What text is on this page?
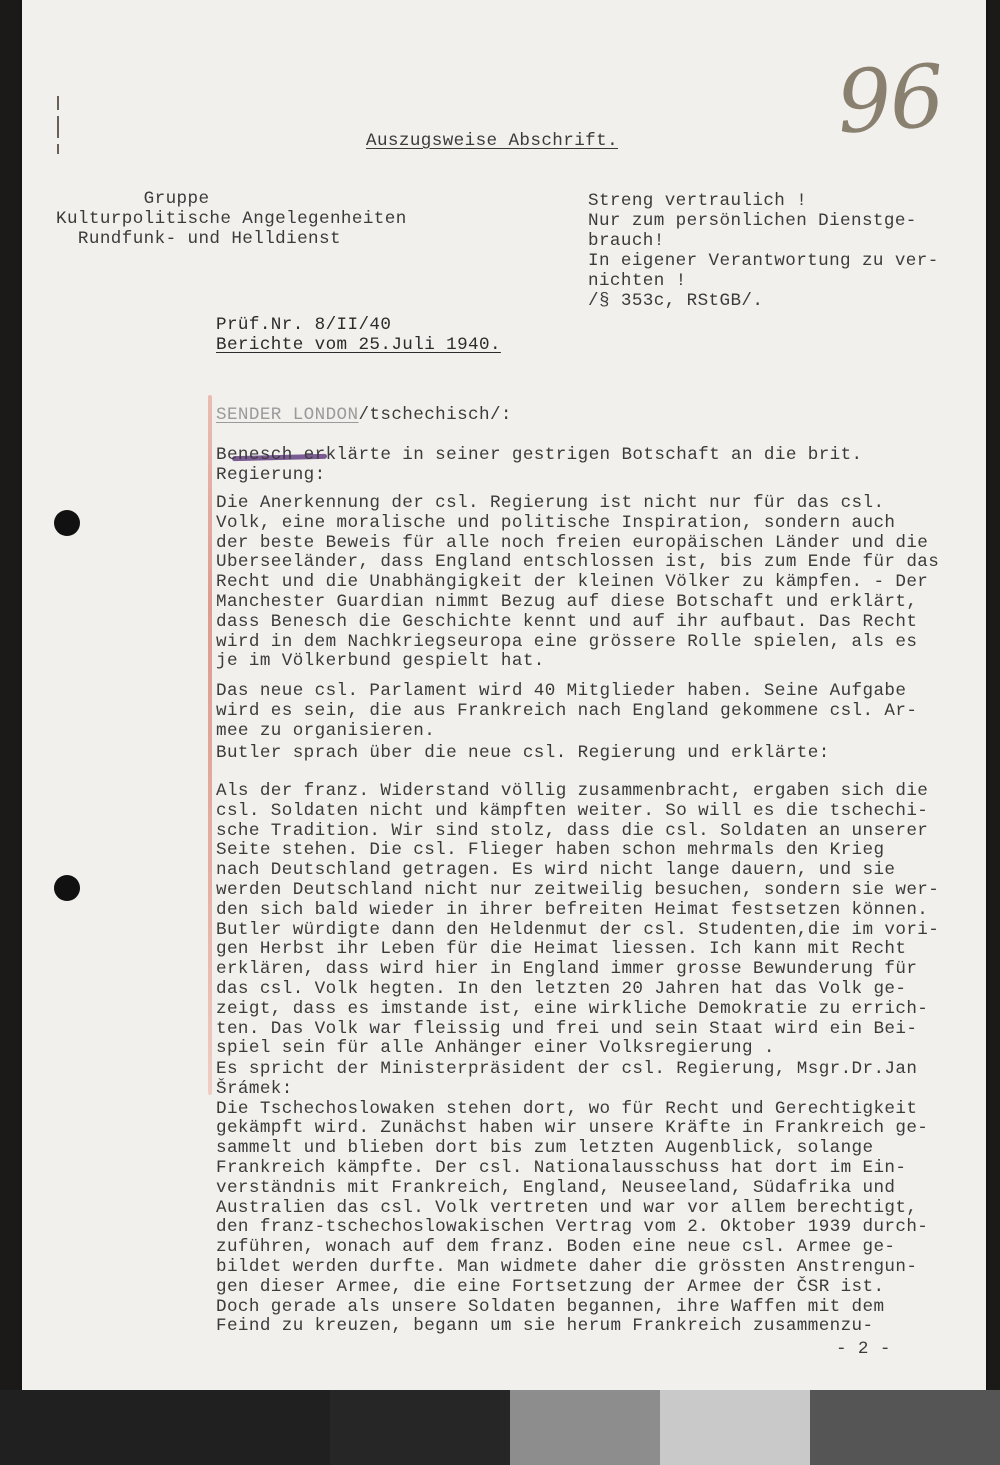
96
Auszugsweise Abschrift.
Gruppe
Kulturpolitische Angelegenheiten
Rundfunk- und Helldienst
Streng vertraulich !
Nur zum persönlichen Dienstge-
brauch!
In eigener Verantwortung zu ver-
nichten !
/§ 353c, RStGB/.
Prüf.Nr. 8/II/40
Berichte vom 25.Juli 1940.
SENDER LONDON/tschechisch/:
Benesch erklärte in seiner gestrigen Botschaft an die brit.
Regierung:
Die Anerkennung der csl. Regierung ist nicht nur für das csl.
Volk, eine moralische und politische Inspiration, sondern auch
der beste Beweis für alle noch freien europäischen Länder und die
Uberseeländer, dass England entschlossen ist, bis zum Ende für das
Recht und die Unabhängigkeit der kleinen Völker zu kämpfen. - Der
Manchester Guardian nimmt Bezug auf diese Botschaft und erklärt,
dass Benesch die Geschichte kennt und auf ihr aufbaut. Das Recht
wird in dem Nachkriegseuropa eine grössere Rolle spielen, als es
je im Völkerbund gespielt hat.
Das neue csl. Parlament wird 40 Mitglieder haben. Seine Aufgabe
wird es sein, die aus Frankreich nach England gekommene csl. Ar-
mee zu organisieren.
Butler sprach über die neue csl. Regierung und erklärte:
Als der franz. Widerstand völlig zusammenbracht, ergaben sich die
csl. Soldaten nicht und kämpften weiter. So will es die tschechi-
sche Tradition. Wir sind stolz, dass die csl. Soldaten an unserer
Seite stehen. Die csl. Flieger haben schon mehrmals den Krieg
nach Deutschland getragen. Es wird nicht lange dauern, und sie
werden Deutschland nicht nur zeitweilig besuchen, sondern sie wer-
den sich bald wieder in ihrer befreiten Heimat festsetzen können.
Butler würdigte dann den Heldenmut der csl. Studenten,die im vori-
gen Herbst ihr Leben für die Heimat liessen. Ich kann mit Recht
erklären, dass wird hier in England immer grosse Bewunderung für
das csl. Volk hegten. In den letzten 20 Jahren hat das Volk ge-
zeigt, dass es imstande ist, eine wirkliche Demokratie zu errich-
ten. Das Volk war fleissig und frei und sein Staat wird ein Bei-
spiel sein für alle Anhänger einer Volksregierung .
Es spricht der Ministerpräsident der csl. Regierung, Msgr.Dr.Jan
Šrámek:
Die Tschechoslowaken stehen dort, wo für Recht und Gerechtigkeit
gekämpft wird. Zunächst haben wir unsere Kräfte in Frankreich ge-
sammelt und blieben dort bis zum letzten Augenblick, solange
Frankreich kämpfte. Der csl. Nationalausschuss hat dort im Ein-
verständnis mit Frankreich, England, Neuseeland, Südafrika und
Australien das csl. Volk vertreten und war vor allem berechtigt,
den franz-tschechoslowakischen Vertrag vom 2. Oktober 1939 durch-
zuführen, wonach auf dem franz. Boden eine neue csl. Armee ge-
bildet werden durfte. Man widmete daher die grössten Anstrengun-
gen dieser Armee, die eine Fortsetzung der Armee der ČSR ist.
Doch gerade als unsere Soldaten begannen, ihre Waffen mit dem
Feind zu kreuzen, begann um sie herum Frankreich zusammenzu-
- 2 -
